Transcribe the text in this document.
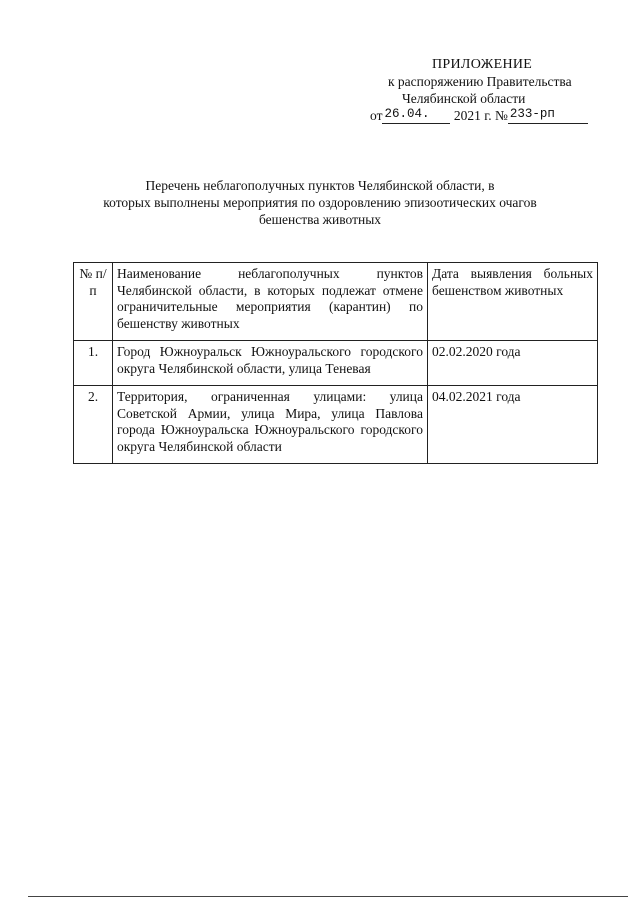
ПРИЛОЖЕНИЕ
к распоряжению Правительства
Челябинской области
от 26.04. 2021 г. № 233-рп
Перечень неблагополучных пунктов Челябинской области, в
которых выполнены мероприятия по оздоровлению эпизоотических очагов
бешенства животных
№ п/п	Наименование неблагополучных пунктов Челябинской области, в которых подлежат отмене ограничительные мероприятия (карантин) по бешенству животных	Дата выявления больных бешенством животных
1.	Город Южноуральск Южноуральского городского округа Челябинской области, улица Теневая	02.02.2020 года
2.	Территория, ограниченная улицами: улица Советской Армии, улица Мира, улица Павлова города Южноуральска Южноуральского городского округа Челябинской области	04.02.2021 года
